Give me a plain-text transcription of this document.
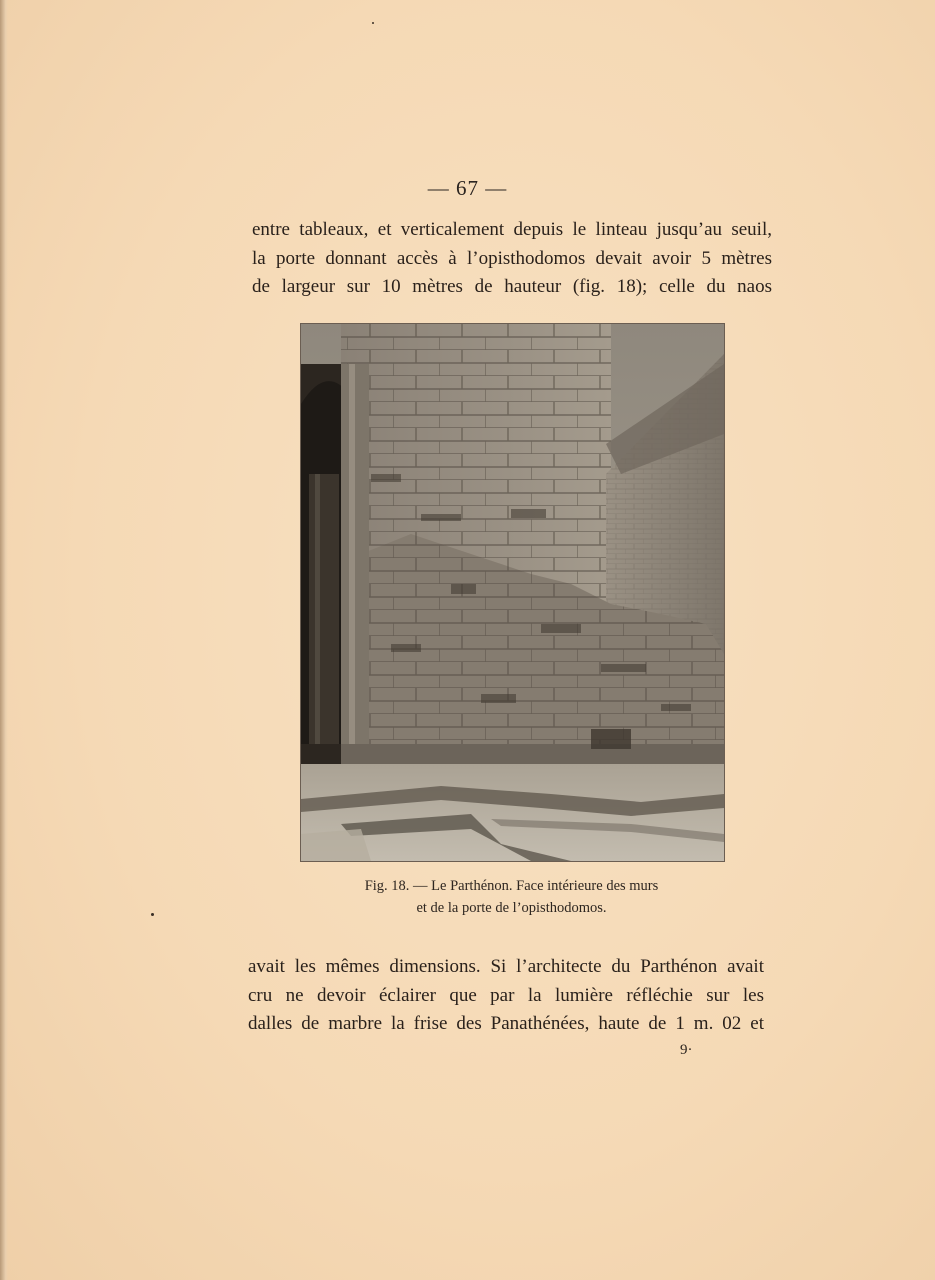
— 67 —
entre tableaux, et verticalement depuis le linteau jusqu’au seuil,
la porte donnant accès à l’opisthodomos devait avoir 5 mètres
de largeur sur 10 mètres de hauteur (fig. 18); celle du naos
Fig. 18. — Le Parthénon. Face intérieure des murs
et de la porte de l’opisthodomos.
avait les mêmes dimensions. Si l’architecte du Parthénon avait
cru ne devoir éclairer que par la lumière réfléchie sur les
dalles de marbre la frise des Panathénées, haute de 1 m. 02 et
9·
